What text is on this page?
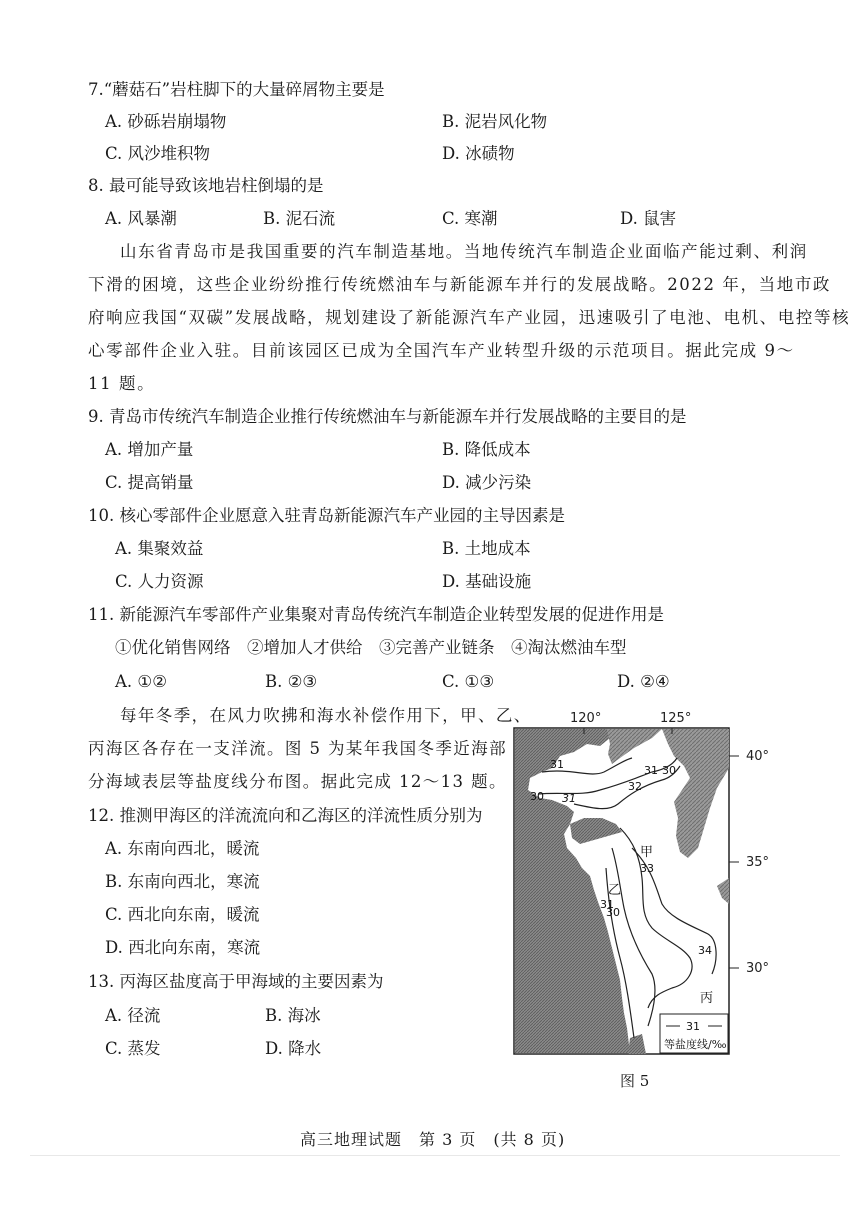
7.“蘑菇石”岩柱脚下的大量碎屑物主要是
A. 砂砾岩崩塌物	B. 泥岩风化物
C. 风沙堆积物	D. 冰碛物
8. 最可能导致该地岩柱倒塌的是
A. 风暴潮	B. 泥石流	C. 寒潮	D. 鼠害
山东省青岛市是我国重要的汽车制造基地。当地传统汽车制造企业面临产能过剩、利润
下滑的困境，这些企业纷纷推行传统燃油车与新能源车并行的发展战略。2022 年，当地市政
府响应我国“双碳”发展战略，规划建设了新能源汽车产业园，迅速吸引了电池、电机、电控等核
心零部件企业入驻。目前该园区已成为全国汽车产业转型升级的示范项目。据此完成 9～
11 题。
9. 青岛市传统汽车制造企业推行传统燃油车与新能源车并行发展战略的主要目的是
A. 增加产量	B. 降低成本
C. 提高销量	D. 减少污染
10. 核心零部件企业愿意入驻青岛新能源汽车产业园的主导因素是
A. 集聚效益	B. 土地成本
C. 人力资源	D. 基础设施
11. 新能源汽车零部件产业集聚对青岛传统汽车制造企业转型发展的促进作用是
①优化销售网络　②增加人才供给　③完善产业链条　④淘汰燃油车型
A. ①②	B. ②③	C. ①③	D. ②④
每年冬季，在风力吹拂和海水补偿作用下，甲、乙、
丙海区各存在一支洋流。图 5 为某年我国冬季近海部
分海域表层等盐度线分布图。据此完成 12～13 题。
12. 推测甲海区的洋流流向和乙海区的洋流性质分别为
A. 东南向西北，暖流
B. 东南向西北，寒流
C. 西北向东南，暖流
D. 西北向东南，寒流
13. 丙海区盐度高于甲海域的主要因素为
A. 径流	B. 海冰
C. 蒸发	D. 降水
120°	125°
40°
35°
30°
31
30 31
32
31 30
33
31
30
34
甲
乙
丙
31
等盐度线/‰
图 5
高三地理试题　第 3 页　(共 8 页)
